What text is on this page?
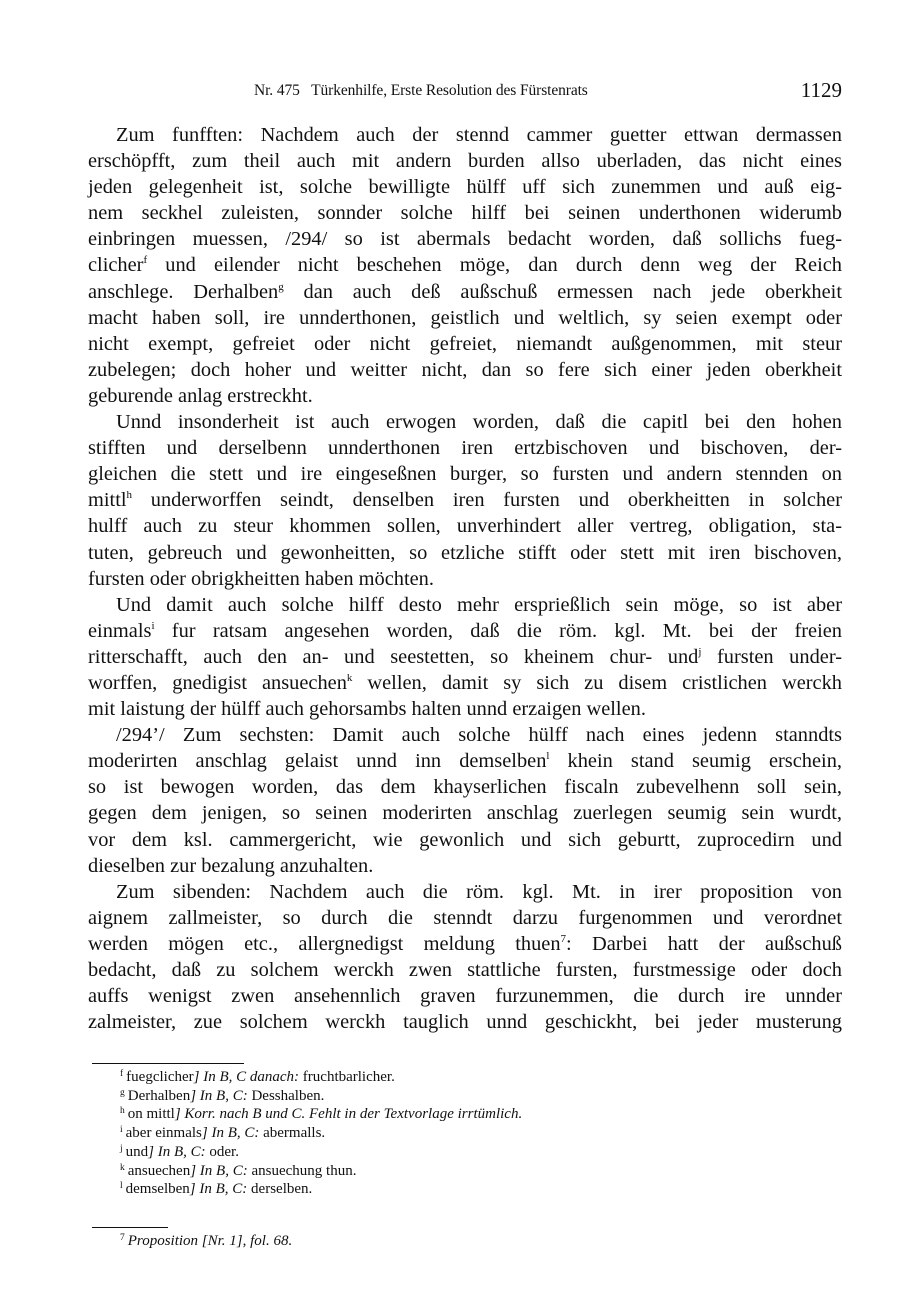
Nr. 475 Türkenhilfe, Erste Resolution des Fürstenrats	1129
Zum funfften: Nachdem auch der stennd cammer guetter ettwan dermassen
erschöpfft, zum theil auch mit andern burden allso uberladen, das nicht eines
jeden gelegenheit ist, solche bewilligte hülff uff sich zunemmen und auß eig-
nem seckhel zuleisten, sonnder solche hilff bei seinen underthonen widerumb
einbringen muessen, /294/ so ist abermals bedacht worden, daß sollichs fueg-
clicher$^f$ und eilender nicht beschehen möge, dan durch denn weg der Reich
anschlege. Derhalben$^g$ dan auch deß außschuß ermessen nach jede oberkheit
macht haben soll, ire unnderthonen, geistlich und weltlich, sy seien exempt oder
nicht exempt, gefreiet oder nicht gefreiet, niemandt außgenommen, mit steur
zubelegen; doch hoher und weitter nicht, dan so fere sich einer jeden oberkheit
geburende anlag erstreckht.
Unnd insonderheit ist auch erwogen worden, daß die capitl bei den hohen
stifften und derselbenn unnderthonen iren ertzbischoven und bischoven, der-
gleichen die stett und ire eingeseßnen burger, so fursten und andern stennden on
mittl$^h$ underworffen seindt, denselben iren fursten und oberkheitten in solcher
hulff auch zu steur khommen sollen, unverhindert aller vertreg, obligation, sta-
tuten, gebreuch und gewonheitten, so etzliche stifft oder stett mit iren bischoven,
fursten oder obrigkheitten haben möchten.
Und damit auch solche hilff desto mehr ersprießlich sein möge, so ist aber
einmals$^i$ fur ratsam angesehen worden, daß die röm. kgl. Mt. bei der freien
ritterschafft, auch den an- und seestetten, so kheinem chur- und$^j$ fursten under-
worffen, gnedigist ansuechen$^k$ wellen, damit sy sich zu disem cristlichen werckh
mit laistung der hülff auch gehorsambs halten unnd erzaigen wellen.
/294’/ Zum sechsten: Damit auch solche hülff nach eines jedenn stanndts
moderirten anschlag gelaist unnd inn demselben$^l$ khein stand seumig erschein,
so ist bewogen worden, das dem khayserlichen fiscaln zubevelhenn soll sein,
gegen dem jenigen, so seinen moderirten anschlag zuerlegen seumig sein wurdt,
vor dem ksl. cammergericht, wie gewonlich und sich geburtt, zuprocedirn und
dieselben zur bezalung anzuhalten.
Zum sibenden: Nachdem auch die röm. kgl. Mt. in irer proposition von
aignem zallmeister, so durch die stenndt darzu furgenommen und verordnet
werden mögen etc., allergnedigst meldung thuen$^7$: Darbei hatt der außschuß
bedacht, daß zu solchem werckh zwen stattliche fursten, furstmessige oder doch
auffs wenigst zwen ansehennlich graven furzunemmen, die durch ire unnder
zalmeister, zue solchem werckh tauglich unnd geschickht, bei jeder musterung
$^f$ fuegclicher] In B, C danach: fruchtbarlicher.
$^g$ Derhalben] In B, C: Desshalben.
$^h$ on mittl] Korr. nach B und C. Fehlt in der Textvorlage irrtümlich.
$^i$ aber einmals] In B, C: abermalls.
$^j$ und] In B, C: oder.
$^k$ ansuechen] In B, C: ansuechung thun.
$^l$ demselben] In B, C: derselben.
$^7$ Proposition [Nr. 1], fol. 68.
